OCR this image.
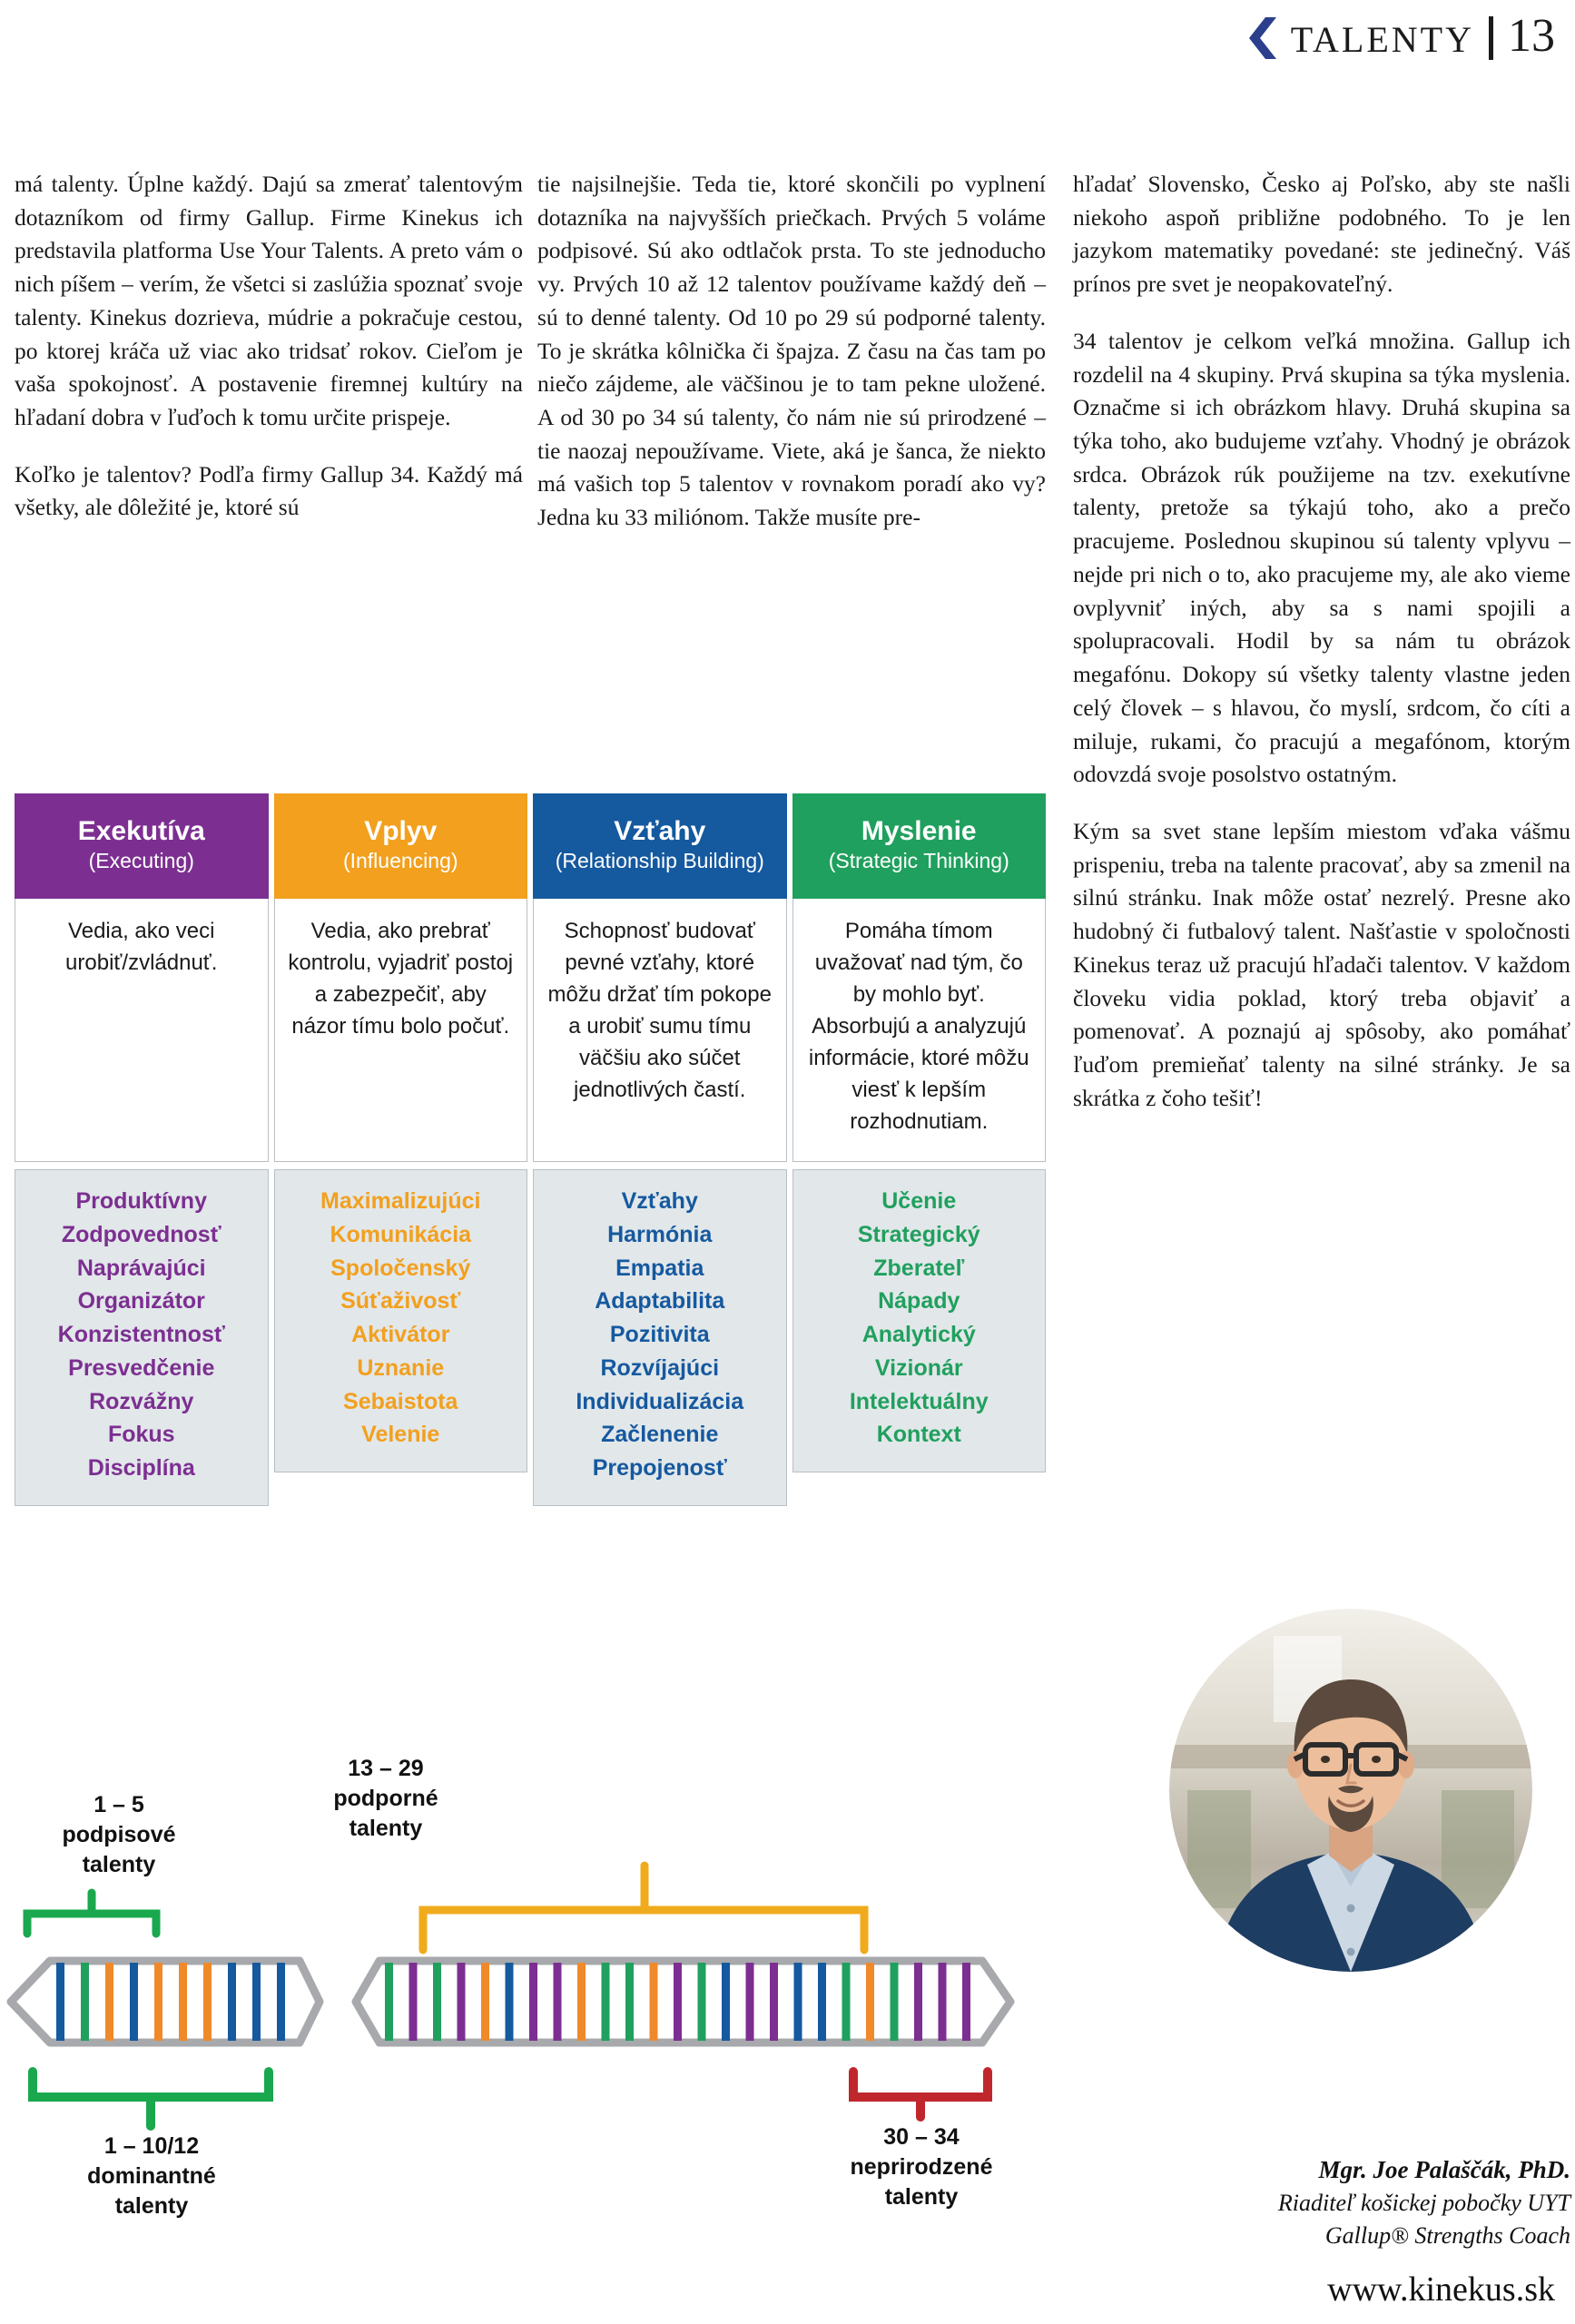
TALENTY 13

má talenty. Úplne každý. Dajú sa zmerať talentovým dotazníkom od firmy Gallup. Firme Kinekus ich predstavila platforma Use Your Talents. A preto vám o nich píšem – verím, že všetci si zaslúžia spoznať svoje talenty. Kinekus dozrieva, múdrie a pokračuje cestou, po ktorej kráča už viac ako tridsať rokov. Cieľom je vaša spokojnosť. A postavenie firemnej kultúry na hľadaní dobra v ľuďoch k tomu určite prispeje.

Koľko je talentov? Podľa firmy Gallup 34. Každý má všetky, ale dôležité je, ktoré sú

tie najsilnejšie. Teda tie, ktoré skončili po vyplnení dotazníka na najvyšších priečkach. Prvých 5 voláme podpisové. Sú ako odtlačok prsta. To ste jednoducho vy. Prvých 10 až 12 talentov používame každý deň – sú to denné talenty. Od 10 po 29 sú podporné talenty. To je skrátka kôlnička či špajza. Z času na čas tam po niečo zájdeme, ale väčšinou je to tam pekne uložené. A od 30 po 34 sú talenty, čo nám nie sú prirodzené – tie naozaj nepoužívame. Viete, aká je šanca, že niekto má vašich top 5 talentov v rovnakom poradí ako vy? Jedna ku 33 miliónom. Takže musíte pre-

hľadať Slovensko, Česko aj Poľsko, aby ste našli niekoho aspoň približne podobného. To je len jazykom matematiky povedané: ste jedinečný. Váš prínos pre svet je neopakovateľný.

34 talentov je celkom veľká množina. Gallup ich rozdelil na 4 skupiny. Prvá skupina sa týka myslenia. Označme si ich obrázkom hlavy. Druhá skupina sa týka toho, ako budujeme vzťahy. Vhodný je obrázok srdca. Obrázok rúk použijeme na tzv. exekutívne talenty, pretože sa týkajú toho, ako a prečo pracujeme. Poslednou skupinou sú talenty vplyvu – nejde pri nich o to, ako pracujeme my, ale ako vieme ovplyvniť iných, aby sa s nami spojili a spolupracovali. Hodil by sa nám tu obrázok megafónu. Dokopy sú všetky talenty vlastne jeden celý človek – s hlavou, čo myslí, srdcom, čo cíti a miluje, rukami, čo pracujú a megafónom, ktorým odovzdá svoje posolstvo ostatným.

Kým sa svet stane lepším miestom vďaka vášmu prispeniu, treba na talente pracovať, aby sa zmenil na silnú stránku. Inak môže ostať nezrelý. Presne ako hudobný či futbalový talent. Našťastie v spoločnosti Kinekus teraz už pracujú hľadači talentov. V každom človeku vidia poklad, ktorý treba objaviť a pomenovať. A poznajú aj spôsoby, ako pomáhať ľuďom premieňať talenty na silné stránky. Je sa skrátka z čoho tešiť!

Exekutíva
(Executing)
Vedia, ako veci urobiť/zvládnuť.
Produktívny
Zodpovednosť
Naprávajúci
Organizátor
Konzistentnosť
Presvedčenie
Rozvážny
Fokus
Disciplína
Vplyv
(Influencing)
Vedia, ako prebrať kontrolu, vyjadriť postoj a zabezpečiť, aby názor tímu bolo počuť.
Maximalizujúci
Komunikácia
Spoločenský
Súťaživosť
Aktivátor
Uznanie
Sebaistota
Velenie
Vzťahy
(Relationship Building)
Schopnosť budovať pevné vzťahy, ktoré môžu držať tím pokope a urobiť sumu tímu väčšiu ako súčet jednotlivých častí.
Vzťahy
Harmónia
Empatia
Adaptabilita
Pozitivita
Rozvíjajúci
Individualizácia
Začlenenie
Prepojenosť
Myslenie
(Strategic Thinking)
Pomáha tímom uvažovať nad tým, čo by mohlo byť. Absorbujú a analyzujú informácie, ktoré môžu viesť k lepším rozhodnutiam.
Učenie
Strategický
Zberateľ
Nápady
Analytický
Vizionár
Intelektuálny
Kontext
1 – 5
podpisové
talenty
13 – 29
podporné
talenty
1 – 10/12
dominantné
talenty
30 – 34
neprirodzené
talenty
Mgr. Joe Palaščák, PhD.
Riaditeľ košickej pobočky UYT
Gallup® Strengths Coach
www.kinekus.sk
